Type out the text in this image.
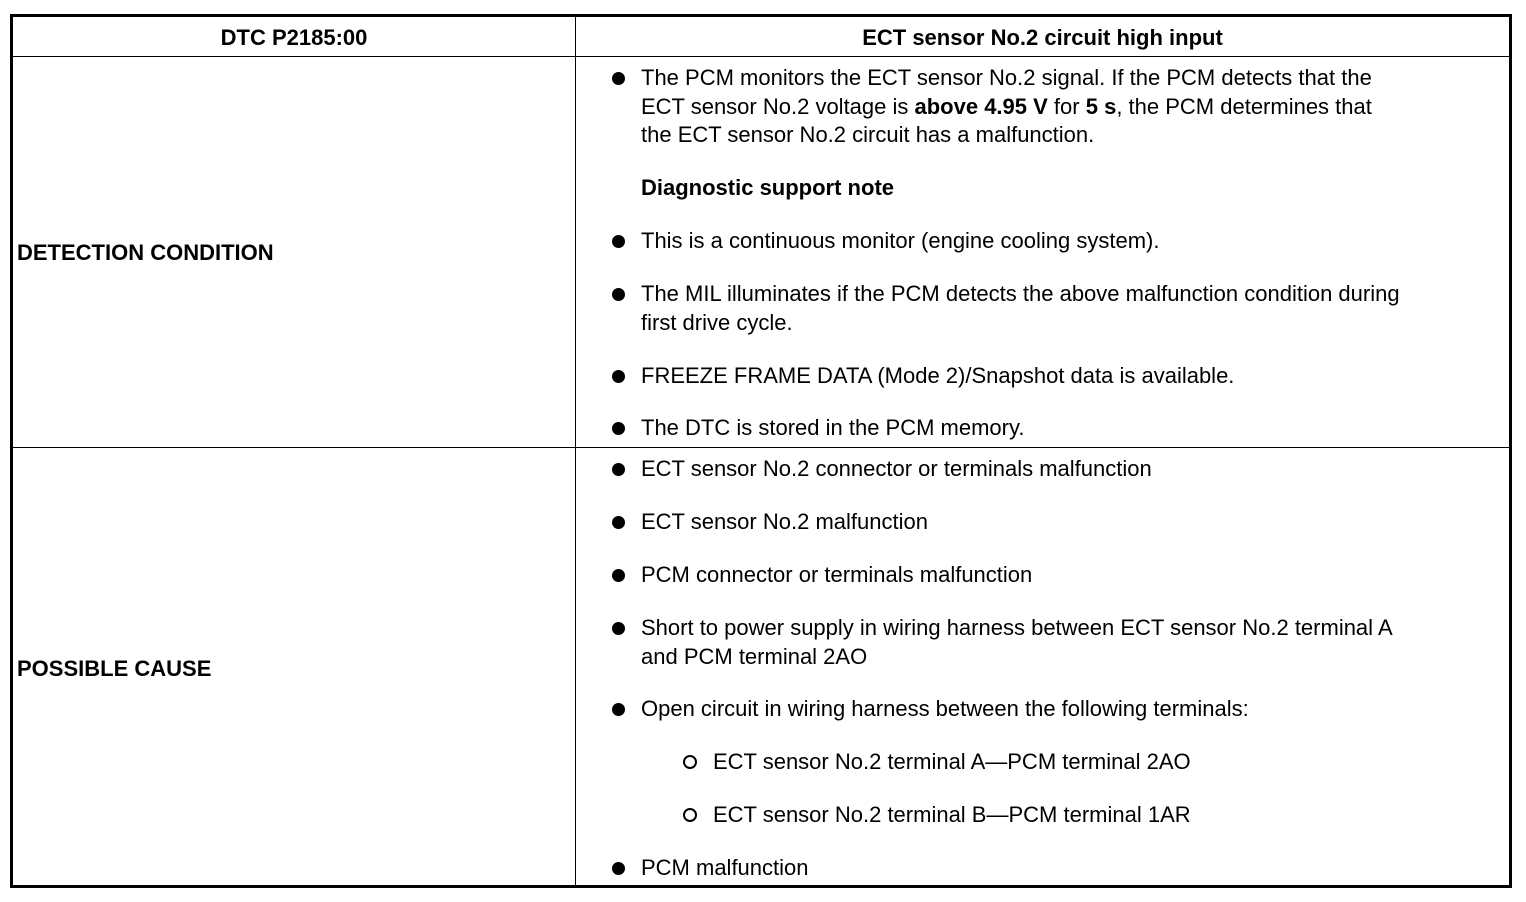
DTC P2185:00	ECT sensor No.2 circuit high input
DETECTION CONDITION
POSSIBLE CAUSE
The PCM monitors the ECT sensor No.2 signal. If the PCM detects that the
ECT sensor No.2 voltage is above 4.95 V for 5 s, the PCM determines that
the ECT sensor No.2 circuit has a malfunction.
Diagnostic support note
This is a continuous monitor (engine cooling system).
The MIL illuminates if the PCM detects the above malfunction condition during
first drive cycle.
FREEZE FRAME DATA (Mode 2)/Snapshot data is available.
The DTC is stored in the PCM memory.
ECT sensor No.2 connector or terminals malfunction
ECT sensor No.2 malfunction
PCM connector or terminals malfunction
Short to power supply in wiring harness between ECT sensor No.2 terminal A
and PCM terminal 2AO
Open circuit in wiring harness between the following terminals:
ECT sensor No.2 terminal A—PCM terminal 2AO
ECT sensor No.2 terminal B—PCM terminal 1AR
PCM malfunction
